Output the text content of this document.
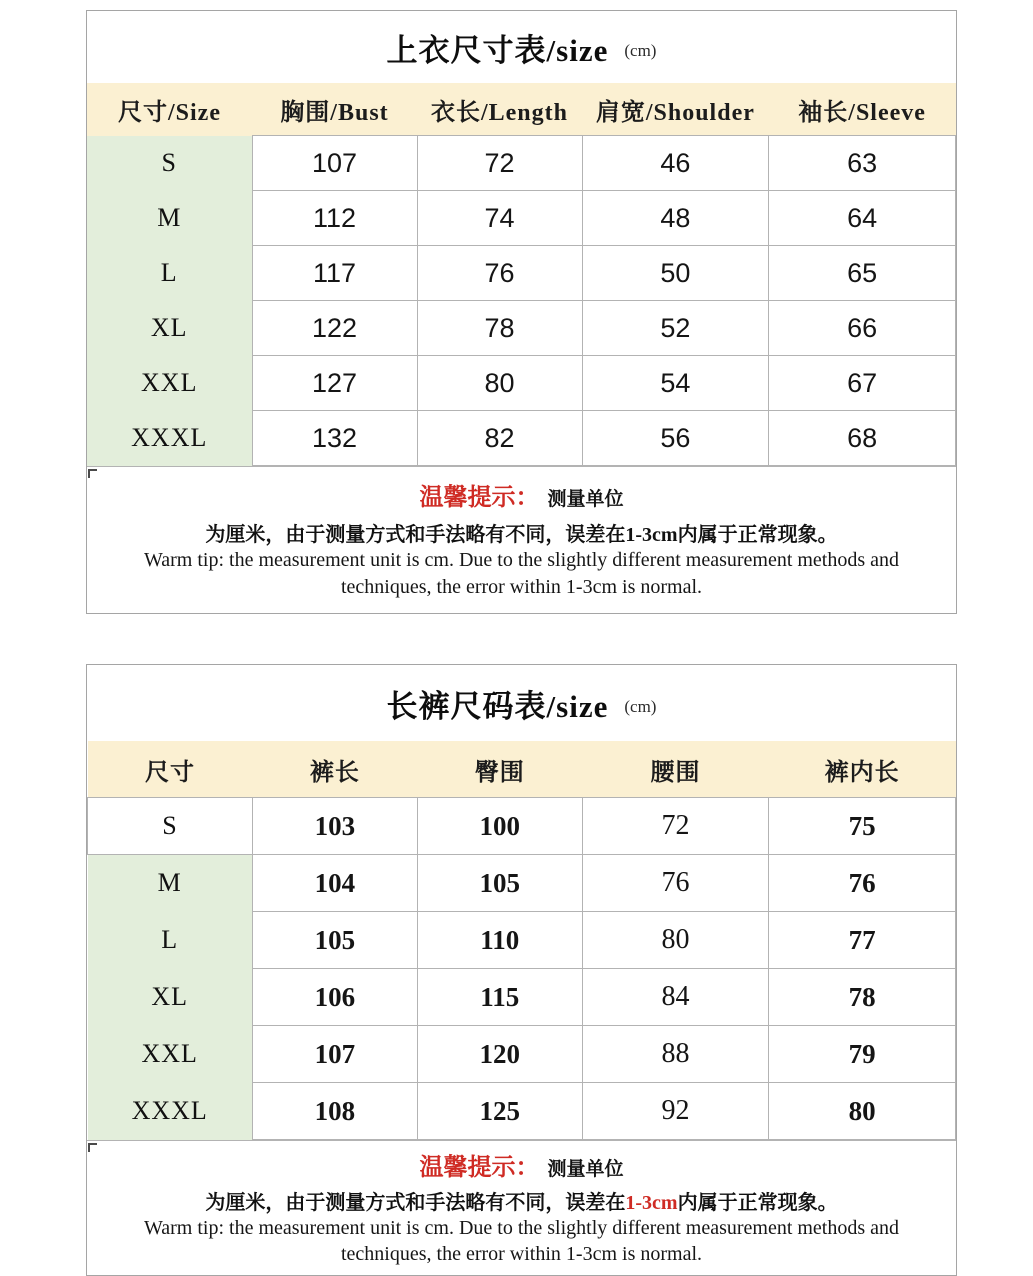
上衣尺寸表/size (cm)
尺寸/Size	胸围/Bust	衣长/Length	肩宽/Shoulder	袖长/Sleeve
S	107	72	46	63
M	112	74	48	64
L	117	76	50	65
XL	122	78	52	66
XXL	127	80	54	67
XXXL	132	82	56	68
温馨提示： 测量单位
为厘米，由于测量方式和手法略有不同，误差在1-3cm内属于正常现象。
Warm tip: the measurement unit is cm. Due to the slightly different measurement methods and
techniques, the error within 1-3cm is normal.
长裤尺码表/size (cm)
尺寸	裤长	臀围	腰围	裤内长
S	103	100	72	75
M	104	105	76	76
L	105	110	80	77
XL	106	115	84	78
XXL	107	120	88	79
XXXL	108	125	92	80
温馨提示： 测量单位
为厘米，由于测量方式和手法略有不同，误差在1-3cm内属于正常现象。
Warm tip: the measurement unit is cm. Due to the slightly different measurement methods and
techniques, the error within 1-3cm is normal.
